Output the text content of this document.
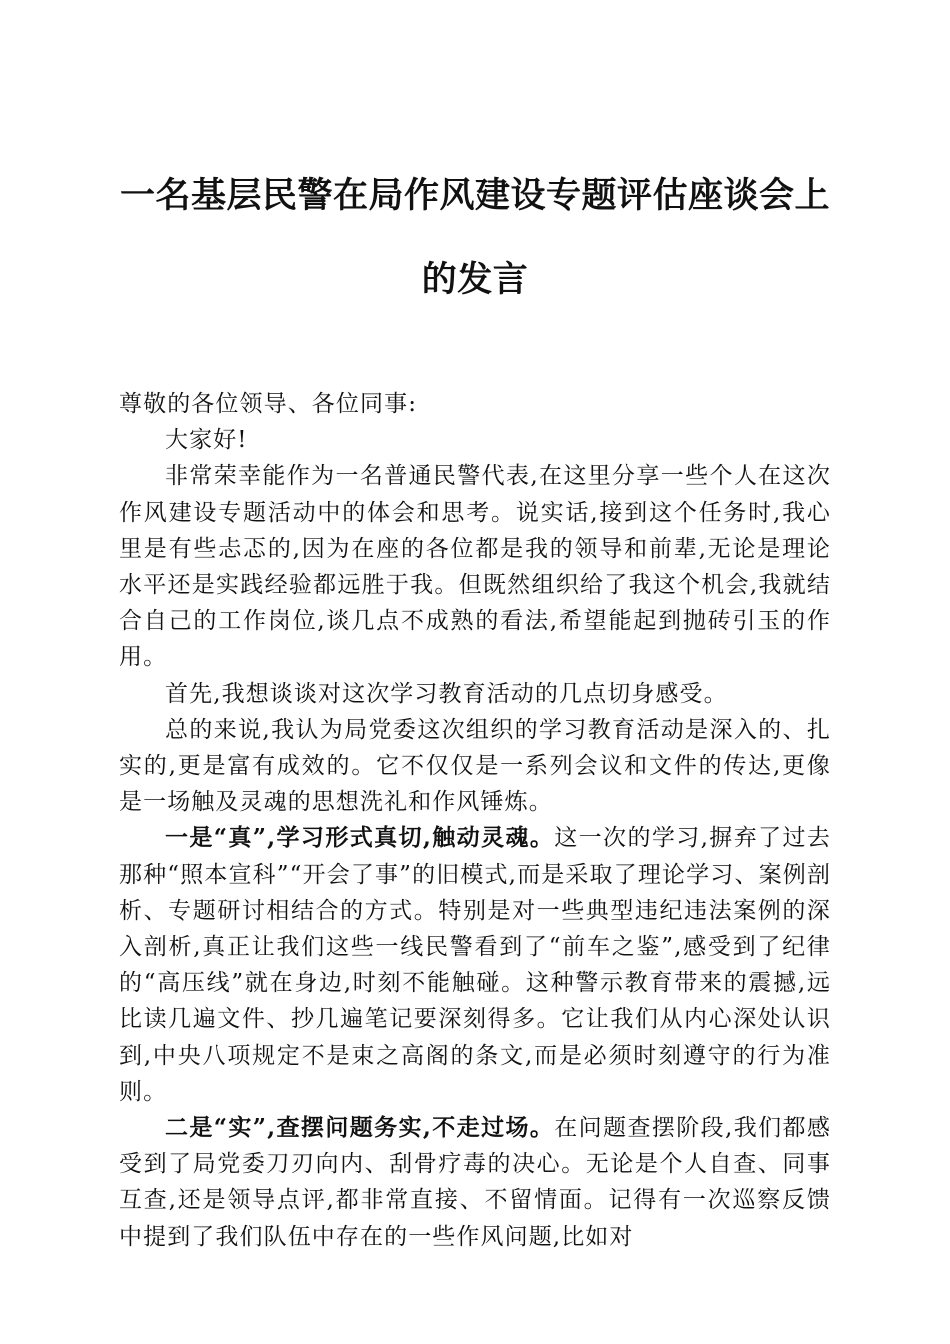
一名基层民警在局作风建设专题评估座谈会上
的发言

尊敬的各位领导、各位同事:

大家好!

非常荣幸能作为一名普通民警代表,在这里分享一些个人在这次作风建设专题活动中的体会和思考。说实话,接到这个任务时,我心里是有些忐忑的,因为在座的各位都是我的领导和前辈,无论是理论水平还是实践经验都远胜于我。但既然组织给了我这个机会,我就结合自己的工作岗位,谈几点不成熟的看法,希望能起到抛砖引玉的作用。

首先,我想谈谈对这次学习教育活动的几点切身感受。

总的来说,我认为局党委这次组织的学习教育活动是深入的、扎实的,更是富有成效的。它不仅仅是一系列会议和文件的传达,更像是一场触及灵魂的思想洗礼和作风锤炼。

一是“真”,学习形式真切,触动灵魂。这一次的学习,摒弃了过去那种“照本宣科”“开会了事”的旧模式,而是采取了理论学习、案例剖析、专题研讨相结合的方式。特别是对一些典型违纪违法案例的深入剖析,真正让我们这些一线民警看到了“前车之鉴”,感受到了纪律的“高压线”就在身边,时刻不能触碰。这种警示教育带来的震撼,远比读几遍文件、抄几遍笔记要深刻得多。它让我们从内心深处认识到,中央八项规定不是束之高阁的条文,而是必须时刻遵守的行为准则。

二是“实”,查摆问题务实,不走过场。在问题查摆阶段,我们都感受到了局党委刀刃向内、刮骨疗毒的决心。无论是个人自查、同事互查,还是领导点评,都非常直接、不留情面。记得有一次巡察反馈中提到了我们队伍中存在的一些作风问题,比如对
